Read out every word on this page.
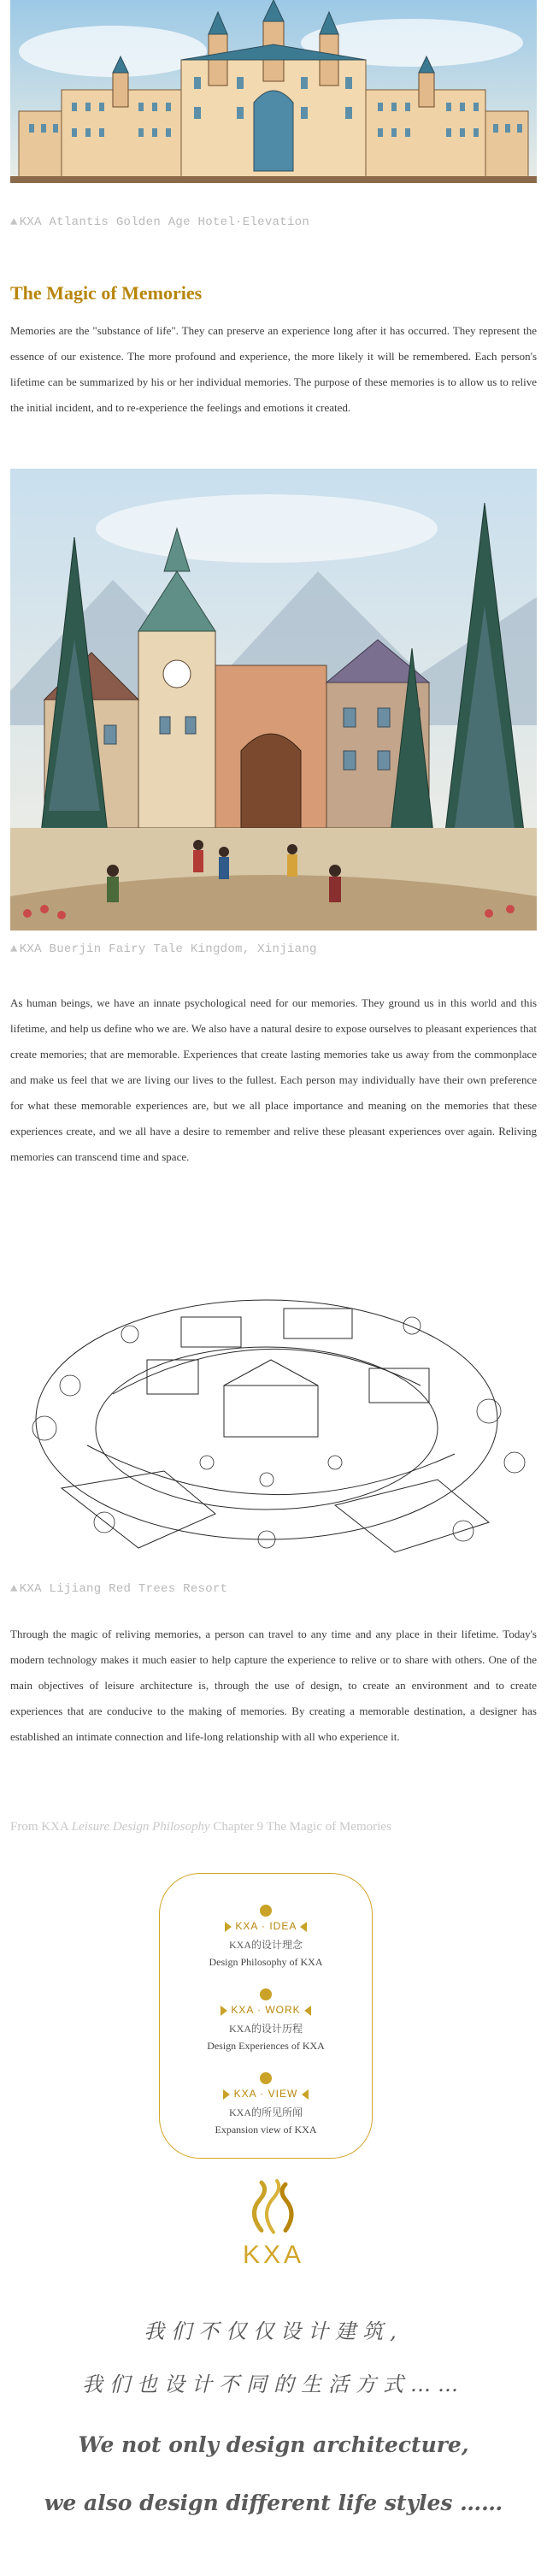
▲ KXA Atlantis Golden Age Hotel·Elevation
The Magic of Memories
Memories are the "substance of life". They can preserve an experience long after it has occurred. They represent the essence of our existence. The more profound and experience, the more likely it will be remembered. Each person's lifetime can be summarized by his or her individual memories. The purpose of these memories is to allow us to relive the initial incident, and to re-experience the feelings and emotions it created.
▲ KXA Buerjin Fairy Tale Kingdom, Xinjiang
As human beings, we have an innate psychological need for our memories. They ground us in this world and this lifetime, and help us define who we are. We also have a natural desire to expose ourselves to pleasant experiences that create memories; that are memorable. Experiences that create lasting memories take us away from the commonplace and make us feel that we are living our lives to the fullest. Each person may individually have their own preference for what these memorable experiences are, but we all place importance and meaning on the memories that these experiences create, and we all have a desire to remember and relive these pleasant experiences over again. Reliving memories can transcend time and space.
▲ KXA Lijiang Red Trees Resort
Through the magic of reliving memories, a person can travel to any time and any place in their lifetime. Today's modern technology makes it much easier to help capture the experience to relive or to share with others. One of the main objectives of leisure architecture is, through the use of design, to create an environment and to create experiences that are conducive to the making of memories. By creating a memorable destination, a designer has established an intimate connection and life-long relationship with all who experience it.
From KXA Leisure Design Philosophy Chapter 9 The Magic of Memories
KXA · IDEA
KXA的设计理念
Design Philosophy of KXA
KXA · WORK
KXA的设计历程
Design Experiences of KXA
KXA · VIEW
KXA的所见所闻
Expansion view of KXA
KXA
我们不仅仅设计建筑,
我们也设计不同的生活方式……
We not only design architecture,
we also design different life styles ……
